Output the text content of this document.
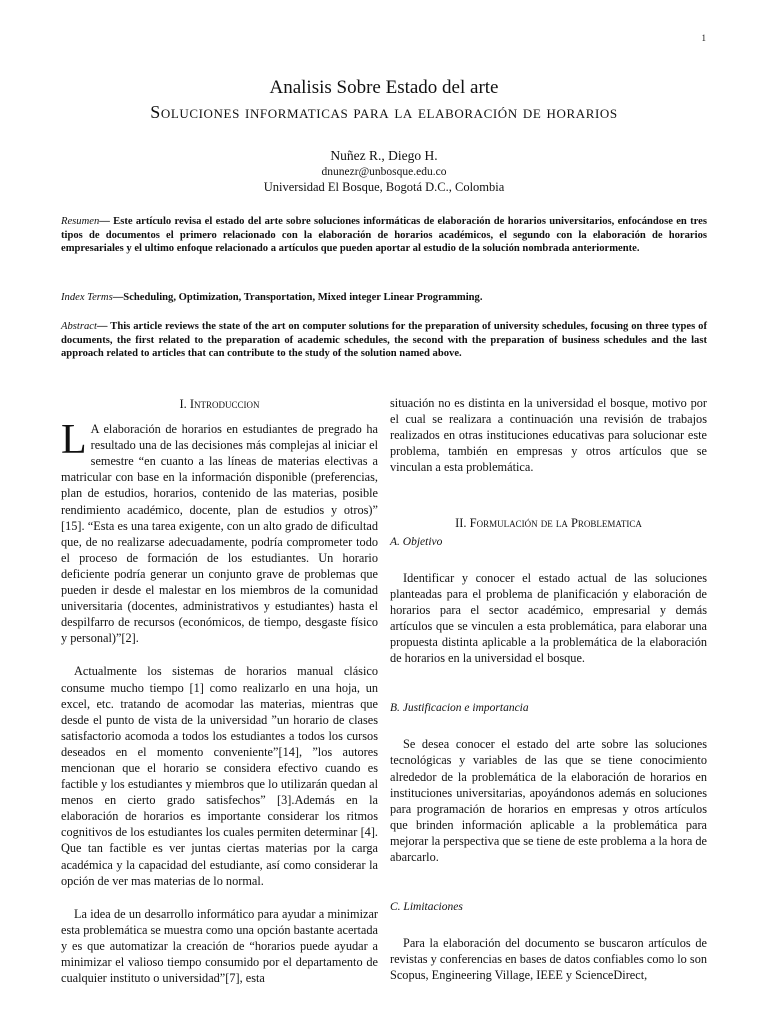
1
Analisis Sobre Estado del arte
Soluciones informaticas para la elaboración de horarios
Nuñez R., Diego H.
dnunezr@unbosque.edu.co
Universidad El Bosque, Bogotá D.C., Colombia
Resumen— Este artículo revisa el estado del arte sobre soluciones informáticas de elaboración de horarios universitarios, enfocándose en tres tipos de documentos el primero relacionado con la elaboración de horarios académicos, el segundo con la elaboración de horarios empresariales y el ultimo enfoque relacionado a artículos que pueden aportar al estudio de la solución nombrada anteriormente.
Index Terms—Scheduling, Optimization, Transportation, Mixed integer Linear Programming.
Abstract— This article reviews the state of the art on computer solutions for the preparation of university schedules, focusing on three types of documents, the first related to the preparation of academic schedules, the second with the preparation of business schedules and the last approach related to articles that can contribute to the study of the solution named above.
I. Introduccion

L A elaboración de horarios en estudiantes de pregrado ha resultado una de las decisiones más complejas al iniciar el semestre “en cuanto a las líneas de materias electivas a matricular con base en la información disponible (preferencias, plan de estudios, horarios, contenido de las materias, posible rendimiento académico, docente, plan de estudios y otros)” [15]. “Esta es una tarea exigente, con un alto grado de dificultad que, de no realizarse adecuadamente, podría comprometer todo el proceso de formación de los estudiantes. Un horario deficiente podría generar un conjunto grave de problemas que pueden ir desde el malestar en los miembros de la comunidad universitaria (docentes, administrativos y estudiantes) hasta el despilfarro de recursos (económicos, de tiempo, desgaste físico y personal)”[2].

Actualmente los sistemas de horarios manual clásico consume mucho tiempo [1] como realizarlo en una hoja, un excel, etc. tratando de acomodar las materias, mientras que desde el punto de vista de la universidad ”un horario de clases satisfactorio acomoda a todos los estudiantes a todos los cursos deseados en el momento conveniente”[14], ”los autores mencionan que el horario se considera efectivo cuando es factible y los estudiantes y miembros que lo utilizarán quedan al menos en cierto grado satisfechos” [3].Además en la elaboración de horarios es importante considerar los ritmos cognitivos de los estudiantes los cuales permiten determinar [4]. Que tan factible es ver juntas ciertas materias por la carga académica y la capacidad del estudiante, así como considerar la opción de ver mas materias de lo normal.

La idea de un desarrollo informático para ayudar a minimizar esta problemática se muestra como una opción bastante acertada y es que automatizar la creación de “horarios puede ayudar a minimizar el valioso tiempo consumido por el departamento de cualquier instituto o universidad”[7], esta

situación no es distinta en la universidad el bosque, motivo por el cual se realizara a continuación una revisión de trabajos realizados en otras instituciones educativas para solucionar este problema, también en empresas y otros artículos que se vinculan a esta problemática.

II. Formulación de la Problematica
A. Objetivo

Identificar y conocer el estado actual de las soluciones planteadas para el problema de planificación y elaboración de horarios para el sector académico, empresarial y demás artículos que se vinculen a esta problemática, para elaborar una propuesta distinta aplicable a la problemática de la elaboración de horarios en la universidad el bosque.

B. Justificacion e importancia

Se desea conocer el estado del arte sobre las soluciones tecnológicas y variables de las que se tiene conocimiento alrededor de la problemática de la elaboración de horarios en instituciones universitarias, apoyándonos además en soluciones para programación de horarios en empresas y otros artículos que brinden información aplicable a la problemática para mejorar la perspectiva que se tiene de este problema a la hora de abarcarlo.

C. Limitaciones

Para la elaboración del documento se buscaron artículos de revistas y conferencias en bases de datos confiables como lo son Scopus, Engineering Village, IEEE y ScienceDirect,
